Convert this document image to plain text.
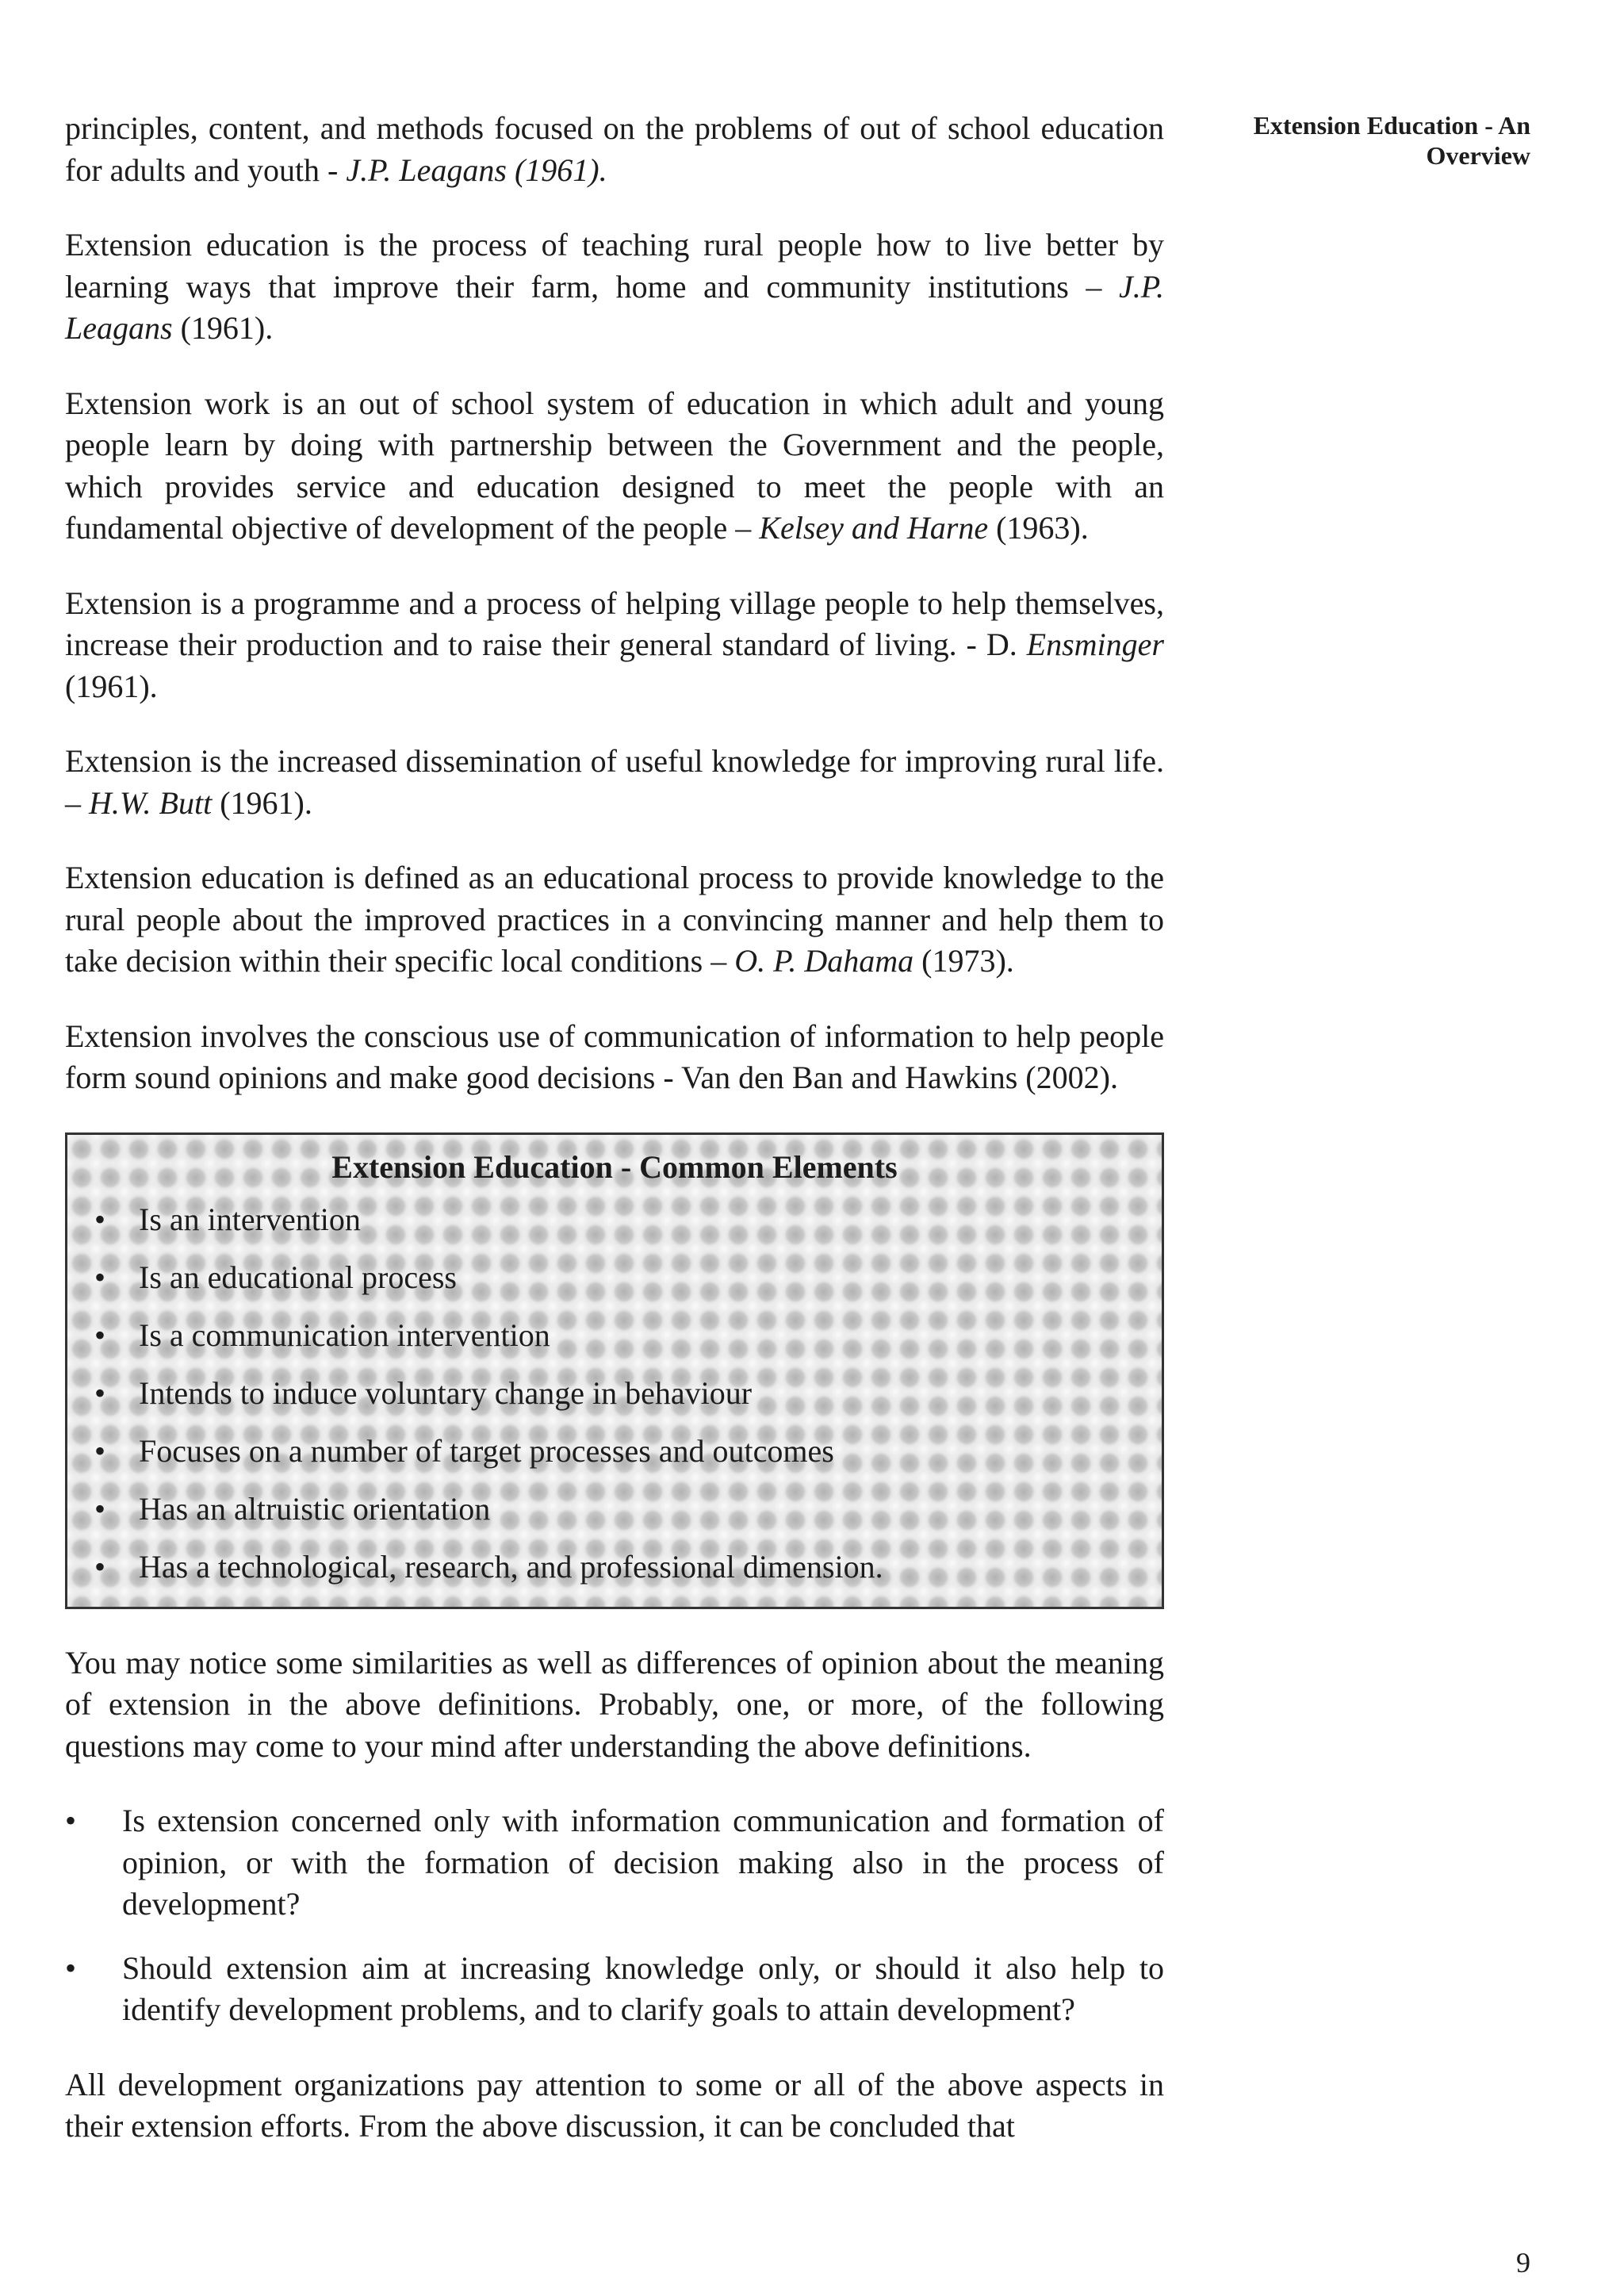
Extension Education - An
Overview

principles, content, and methods focused on the problems of out of school education for adults and youth - J.P. Leagans (1961).

Extension education is the process of teaching rural people how to live better by learning ways that improve their farm, home and community institutions – J.P. Leagans (1961).

Extension work is an out of school system of education in which adult and young people learn by doing with partnership between the Government and the people, which provides service and education designed to meet the people with an fundamental objective of development of the people – Kelsey and Harne (1963).

Extension is a programme and a process of helping village people to help themselves, increase their production and to raise their general standard of living. - D. Ensminger (1961).

Extension is the increased dissemination of useful knowledge for improving rural life. – H.W. Butt (1961).

Extension education is defined as an educational process to provide knowledge to the rural people about the improved practices in a convincing manner and help them to take decision within their specific local conditions – O. P. Dahama (1973).

Extension involves the conscious use of communication of information to help people form sound opinions and make good decisions - Van den Ban and Hawkins (2002).

Extension Education - Common Elements
• Is an intervention
• Is an educational process
• Is a communication intervention
• Intends to induce voluntary change in behaviour
• Focuses on a number of target processes and outcomes
• Has an altruistic orientation
• Has a technological, research, and professional dimension.

You may notice some similarities as well as differences of opinion about the meaning of extension in the above definitions. Probably, one, or more, of the following questions may come to your mind after understanding the above definitions.

• Is extension concerned only with information communication and formation of opinion, or with the formation of decision making also in the process of development?
• Should extension aim at increasing knowledge only, or should it also help to identify development problems, and to clarify goals to attain development?

All development organizations pay attention to some or all of the above aspects in their extension efforts. From the above discussion, it can be concluded that

9
